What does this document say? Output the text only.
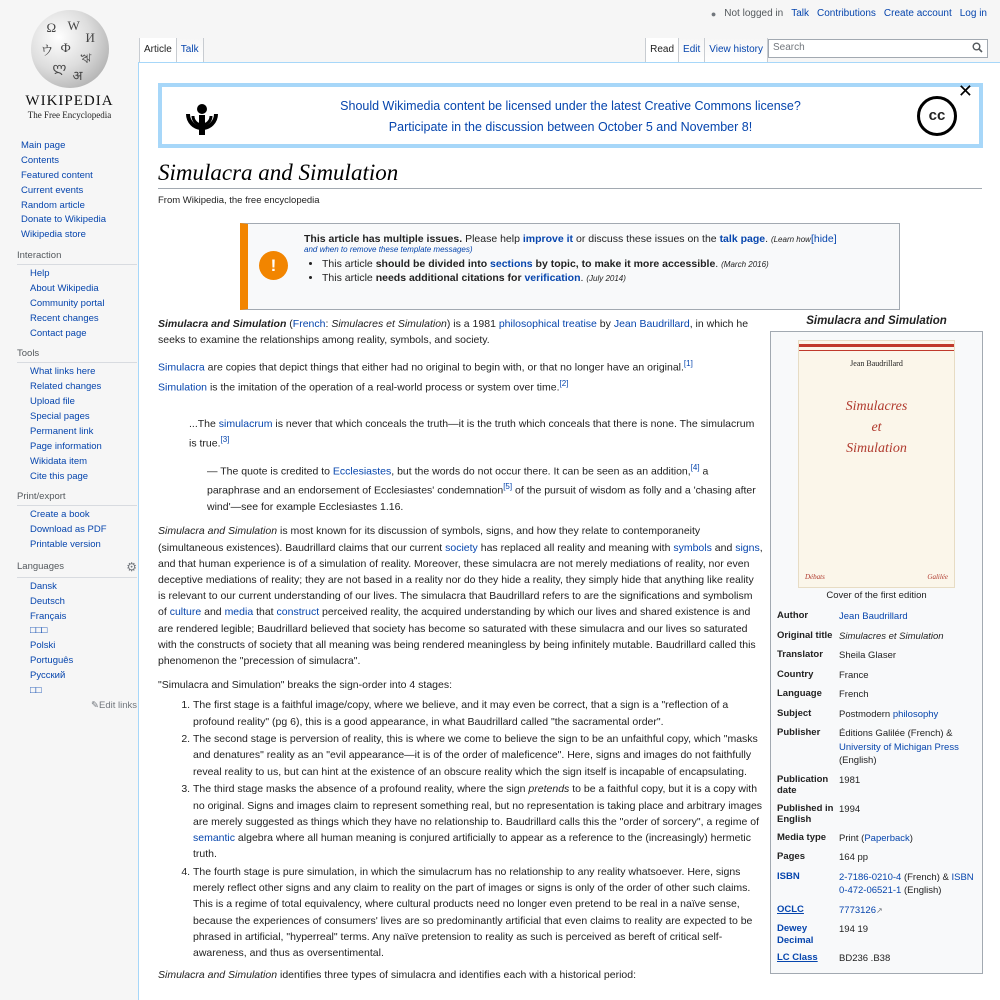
● Not logged in Talk Contributions Create account Log in
Ω W
И
ウ Ф
ঋ
ლ
अ
WIKIPEDIA
The Free Encyclopedia
Main page
Contents
Featured content
Current events
Random article
Donate to Wikipedia
Wikipedia store
Interaction
Help
About Wikipedia
Community portal
Recent changes
Contact page
Tools
What links here
Related changes
Upload file
Special pages
Permanent link
Page information
Wikidata item
Cite this page
Print/export
Create a book
Download as PDF
Printable version
Languages	⚙
Dansk
Deutsch
Français
□□□
Polski
Português
Русский
□□
✎Edit links
Article Talk	Read Edit View history	Search
Should Wikimedia content be licensed under the latest Creative Commons license?
Participate in the discussion between October 5 and November 8!
cc
✕
Simulacra and Simulation
From Wikipedia, the free encyclopedia
!
This article has multiple issues. Please help improve it or discuss these issues on the talk page. (Learn how[hide]
and when to remove these template messages)
• This article should be divided into sections by topic, to make it more accessible. (March 2016)
• This article needs additional citations for verification. (July 2014)

Simulacra and Simulation (French: Simulacres et Simulation) is a 1981 philosophical treatise by Jean Baudrillard, in which he seeks to examine the relationships among reality, symbols, and society.

Simulacra are copies that depict things that either had no original to begin with, or that no longer have an original.[1]
Simulation is the imitation of the operation of a real-world process or system over time.[2]

...The simulacrum is never that which conceals the truth—it is the truth which conceals that there is none. The simulacrum is true.[3]
— The quote is credited to Ecclesiastes, but the words do not occur there. It can be seen as an addition,[4] a paraphrase and an endorsement of Ecclesiastes' condemnation[5] of the pursuit of wisdom as folly and a 'chasing after wind'—see for example Ecclesiastes 1.16.

Simulacra and Simulation is most known for its discussion of symbols, signs, and how they relate to contemporaneity (simultaneous existences). Baudrillard claims that our current society has replaced all reality and meaning with symbols and signs, and that human experience is of a simulation of reality. Moreover, these simulacra are not merely mediations of reality, nor even deceptive mediations of reality; they are not based in a reality nor do they hide a reality, they simply hide that anything like reality is relevant to our current understanding of our lives. The simulacra that Baudrillard refers to are the significations and symbolism of culture and media that construct perceived reality, the acquired understanding by which our lives and shared existence is and are rendered legible; Baudrillard believed that society has become so saturated with these simulacra and our lives so saturated with the constructs of society that all meaning was being rendered meaningless by being infinitely mutable. Baudrillard called this phenomenon the "precession of simulacra".

"Simulacra and Simulation" breaks the sign-order into 4 stages:

1. The first stage is a faithful image/copy, where we believe, and it may even be correct, that a sign is a "reflection of a profound reality" (pg 6), this is a good appearance, in what Baudrillard called "the sacramental order".
2. The second stage is perversion of reality, this is where we come to believe the sign to be an unfaithful copy, which "masks and denatures" reality as an "evil appearance—it is of the order of maleficence". Here, signs and images do not faithfully reveal reality to us, but can hint at the existence of an obscure reality which the sign itself is incapable of encapsulating.
3. The third stage masks the absence of a profound reality, where the sign pretends to be a faithful copy, but it is a copy with no original. Signs and images claim to represent something real, but no representation is taking place and arbitrary images are merely suggested as things which they have no relationship to. Baudrillard calls this the "order of sorcery", a regime of semantic algebra where all human meaning is conjured artificially to appear as a reference to the (increasingly) hermetic truth.
4. The fourth stage is pure simulation, in which the simulacrum has no relationship to any reality whatsoever. Here, signs merely reflect other signs and any claim to reality on the part of images or signs is only of the order of other such claims. This is a regime of total equivalency, where cultural products need no longer even pretend to be real in a naïve sense, because the experiences of consumers' lives are so predominantly artificial that even claims to reality are expected to be phrased in artificial, "hyperreal" terms. Any naïve pretension to reality as such is perceived as bereft of critical self-awareness, and thus as oversentimental.

Simulacra and Simulation identifies three types of simulacra and identifies each with a historical period:

Simulacra and Simulation
Jean Baudrillard
Simulacres
et
Simulation
Débats	Galilée
Cover of the first edition
Author	Jean Baudrillard
Original title	Simulacres et Simulation
Translator	Sheila Glaser
Country	France
Language	French
Subject	Postmodern philosophy
Publisher	Éditions Galilée (French) & University of Michigan Press (English)
Publication date	1981
Published in English	1994
Media type	Print (Paperback)
Pages	164 pp
ISBN	2-7186-0210-4 (French) & ISBN
0-472-06521-1 (English)
OCLC	7773126↗
Dewey Decimal	194 19
LC Class	BD236 .B38
